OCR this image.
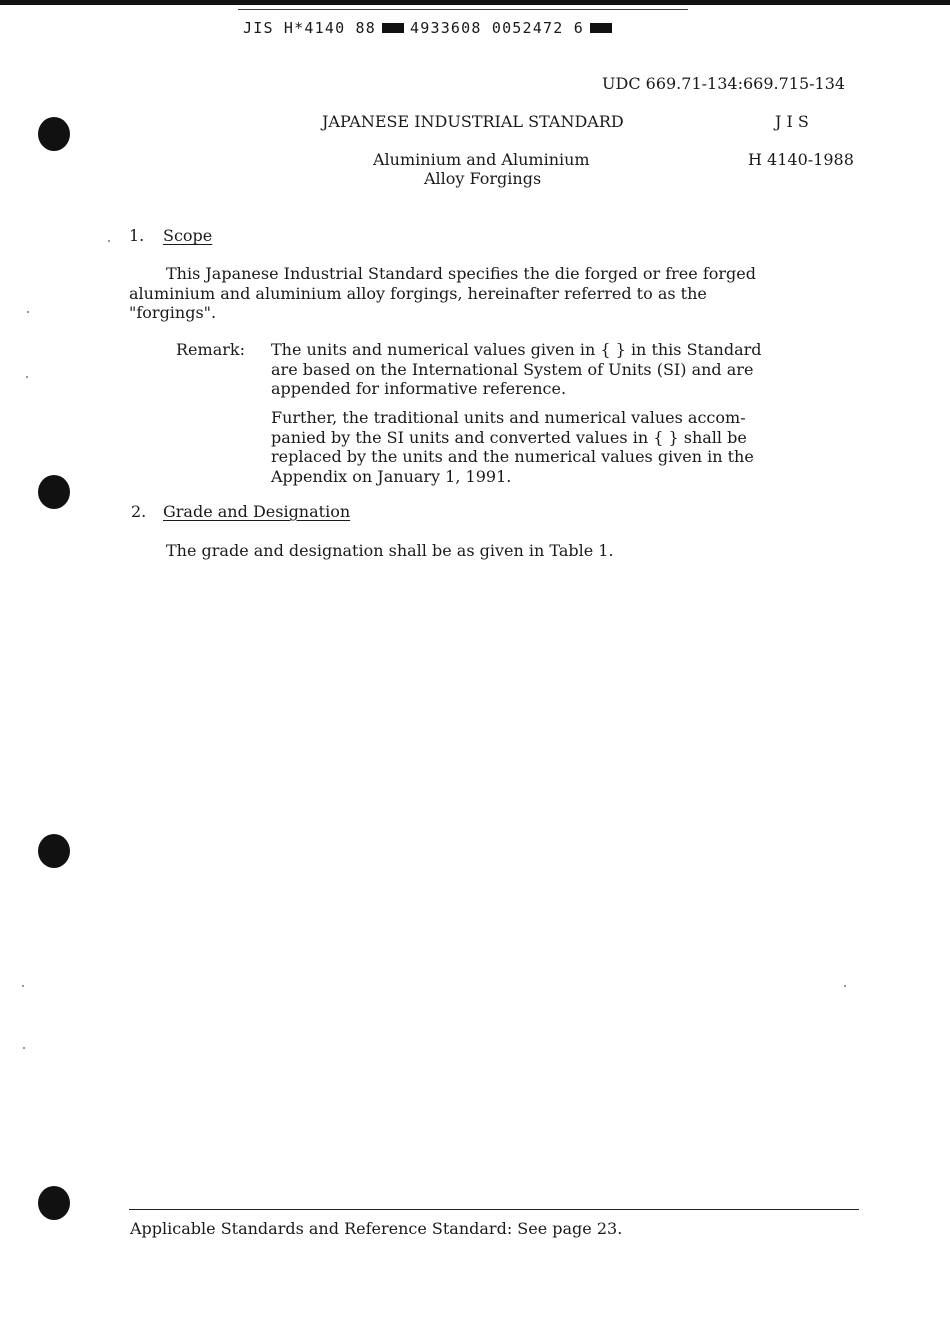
JIS H*4140 88 4933608 0052472 6
UDC 669.71-134:669.715-134
JAPANESE INDUSTRIAL STANDARD	J I S
Aluminium and Aluminium
Alloy Forgings
H 4140-1988
1. Scope

This Japanese Industrial Standard specifies the die forged or free forged

aluminium and aluminium alloy forgings, hereinafter referred to as the

"forgings".

Remark: The units and numerical values given in { } in this Standard

are based on the International System of Units (SI) and are

appended for informative reference.

Further, the traditional units and numerical values accom-

panied by the SI units and converted values in { } shall be

replaced by the units and the numerical values given in the

Appendix on January 1, 1991.

2. Grade and Designation
The grade and designation shall be as given in Table 1.
Applicable Standards and Reference Standard: See page 23.
